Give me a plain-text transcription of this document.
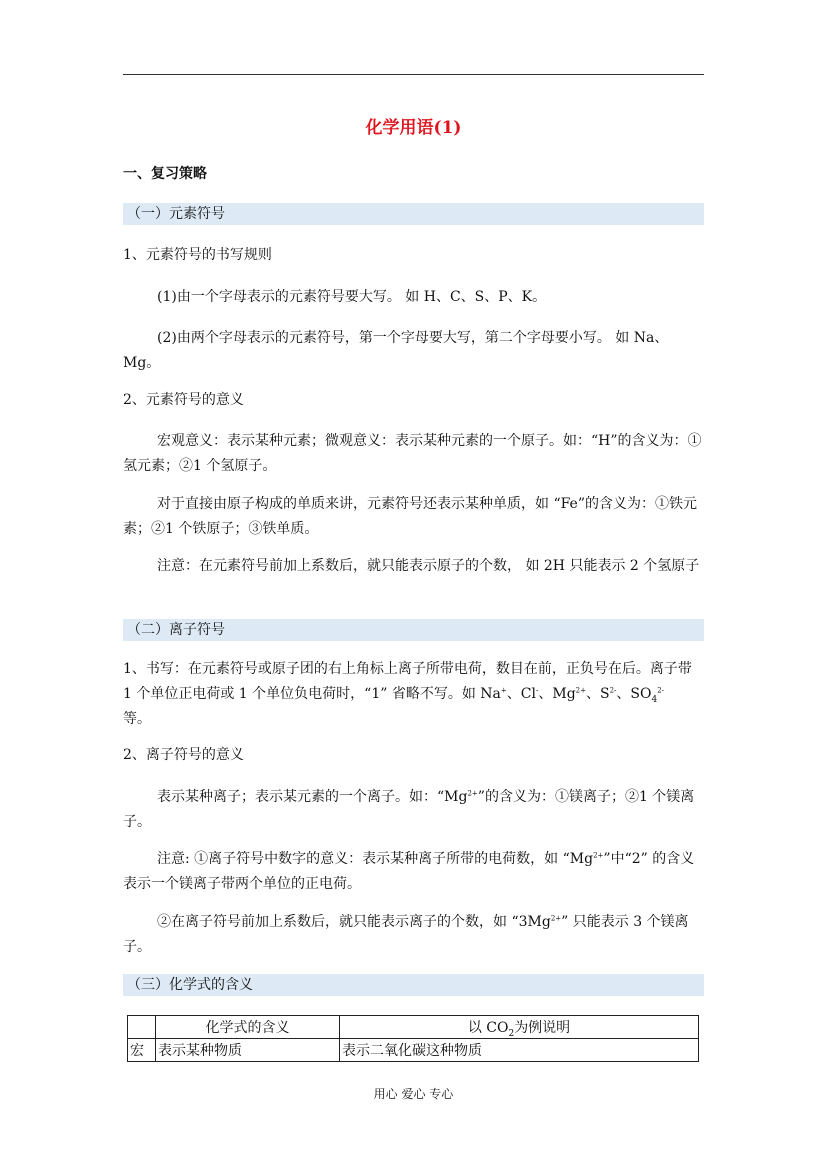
化学用语(1)
一、复习策略
（一）元素符号
1、元素符号的书写规则
(1)由一个字母表示的元素符号要大写。 如 H、C、S、P、K。
(2)由两个字母表示的元素符号，第一个字母要大写，第二个字母要小写。 如 Na、Mg。
2、元素符号的意义
宏观意义：表示某种元素；微观意义：表示某种元素的一个原子。如：“H”的含义为：①氢元素；②1 个氢原子。
对于直接由原子构成的单质来讲，元素符号还表示某种单质，如 “Fe”的含义为：①铁元素；②1 个铁原子；③铁单质。
注意：在元素符号前加上系数后，就只能表示原子的个数， 如 2H 只能表示 2 个氢原子
（二）离子符号
1、书写：在元素符号或原子团的右上角标上离子所带电荷，数目在前，正负号在后。离子带 1 个单位正电荷或 1 个单位负电荷时，“1” 省略不写。如 Na+、Cl-、$Mg^{2+}$、$S^{2-}$、$SO_4^{2-}$
等。
2、离子符号的意义
表示某种离子；表示某元素的一个离子。如：“$Mg^{2+}$”的含义为：①镁离子；②1 个镁离子。
注意: ①离子符号中数字的意义：表示某种离子所带的电荷数，如 “$Mg^{2+}$”中“2” 的含义表示一个镁离子带两个单位的正电荷。
②在离子符号前加上系数后，就只能表示离子的个数，如 “$3Mg^{2+}$” 只能表示 3 个镁离子。
（三）化学式的含义
	化学式的含义	以 $CO_2$为例说明
宏	表示某种物质	表示二氧化碳这种物质
用心 爱心 专心
